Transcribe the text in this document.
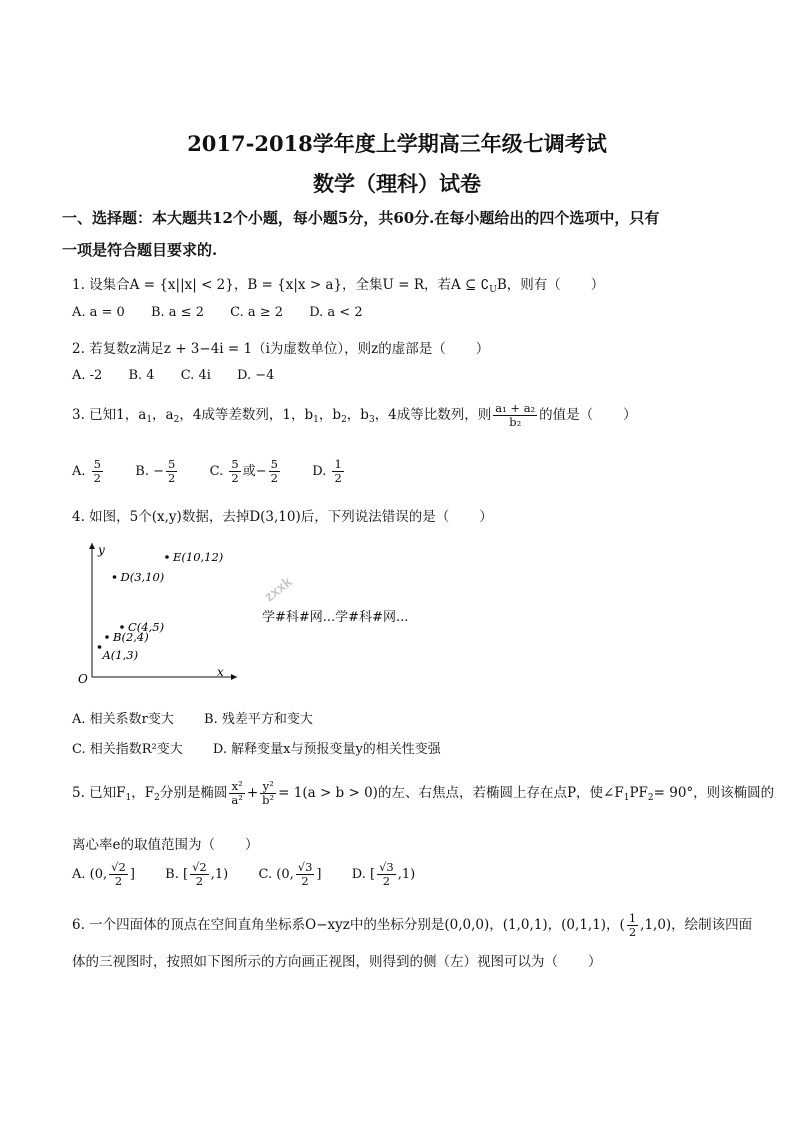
2017-2018学年度上学期高三年级七调考试
数学（理科）试卷
一、选择题：本大题共12个小题，每小题5分，共60分.在每小题给出的四个选项中，只有
一项是符合题目要求的.
1. 设集合A = {x||x| < 2}，B = {x|x > a}，全集U = R，若A ⊆ $∁_UB$，则有（ ）
A. a = 0 B. a ≤ 2 C. a ≥ 2 D. a < 2
2. 若复数z满足z + 3−4i = 1（i为虚数单位），则z的虚部是（ ）
A. -2 B. 4 C. 4i D. −4
3. 已知1，$a_1$，$a_2$，4成等差数列，1，$b_1$，$b_2$，$b_3$，4成等比数列，则 $\frac{\text{a₁ + a₂}}{\text{b₂}}$ 的值是（ ）
A. $\frac{5}{2} B$. − $\frac{5}{2} C$. $\frac{5}{2}$ 或− $\frac{5}{2} D$. $\frac{1}{2}$
4. 如图，5个(x,y)数据，去掉D(3,10)后，下列说法错误的是（ ）
y
x
O
E(10,12)
D(3,10)
C(4,5)
B(2,4)
A(1,3)
zxxk
学#科#网...学#科#网...
A. 相关系数r变大 B. 残差平方和变大
C. 相关指数R²变大 D. 解释变量x与预报变量y的相关性变强
5. 已知$F_1$，$F_2$分别是椭圆 $\frac{\text{x²}}{\text{a²}} + \frac{\text{y²}}{\text{b²}} = 1(a > b > 0)$的左、右焦点，若椭圆上存在点P，使$\angle F_1PF_2= 90^\circ$，则该椭圆的
离心率e的取值范围为（ ）
A. (0, $\frac{√2}{2}$ ] B. [ $\frac{√2}{2} ,1$) C. (0, $\frac{√3}{2}$ ] D. [ $\frac{√3}{2} ,1$)
6. 一个四面体的顶点在空间直角坐标系O−xyz中的坐标分别是(0,0,0)，(1,0,1)，(0,1,1)，( $\frac{1}{2} ,1,0$)，绘制该四面
体的三视图时，按照如下图所示的方向画正视图，则得到的侧（左）视图可以为（ ）
